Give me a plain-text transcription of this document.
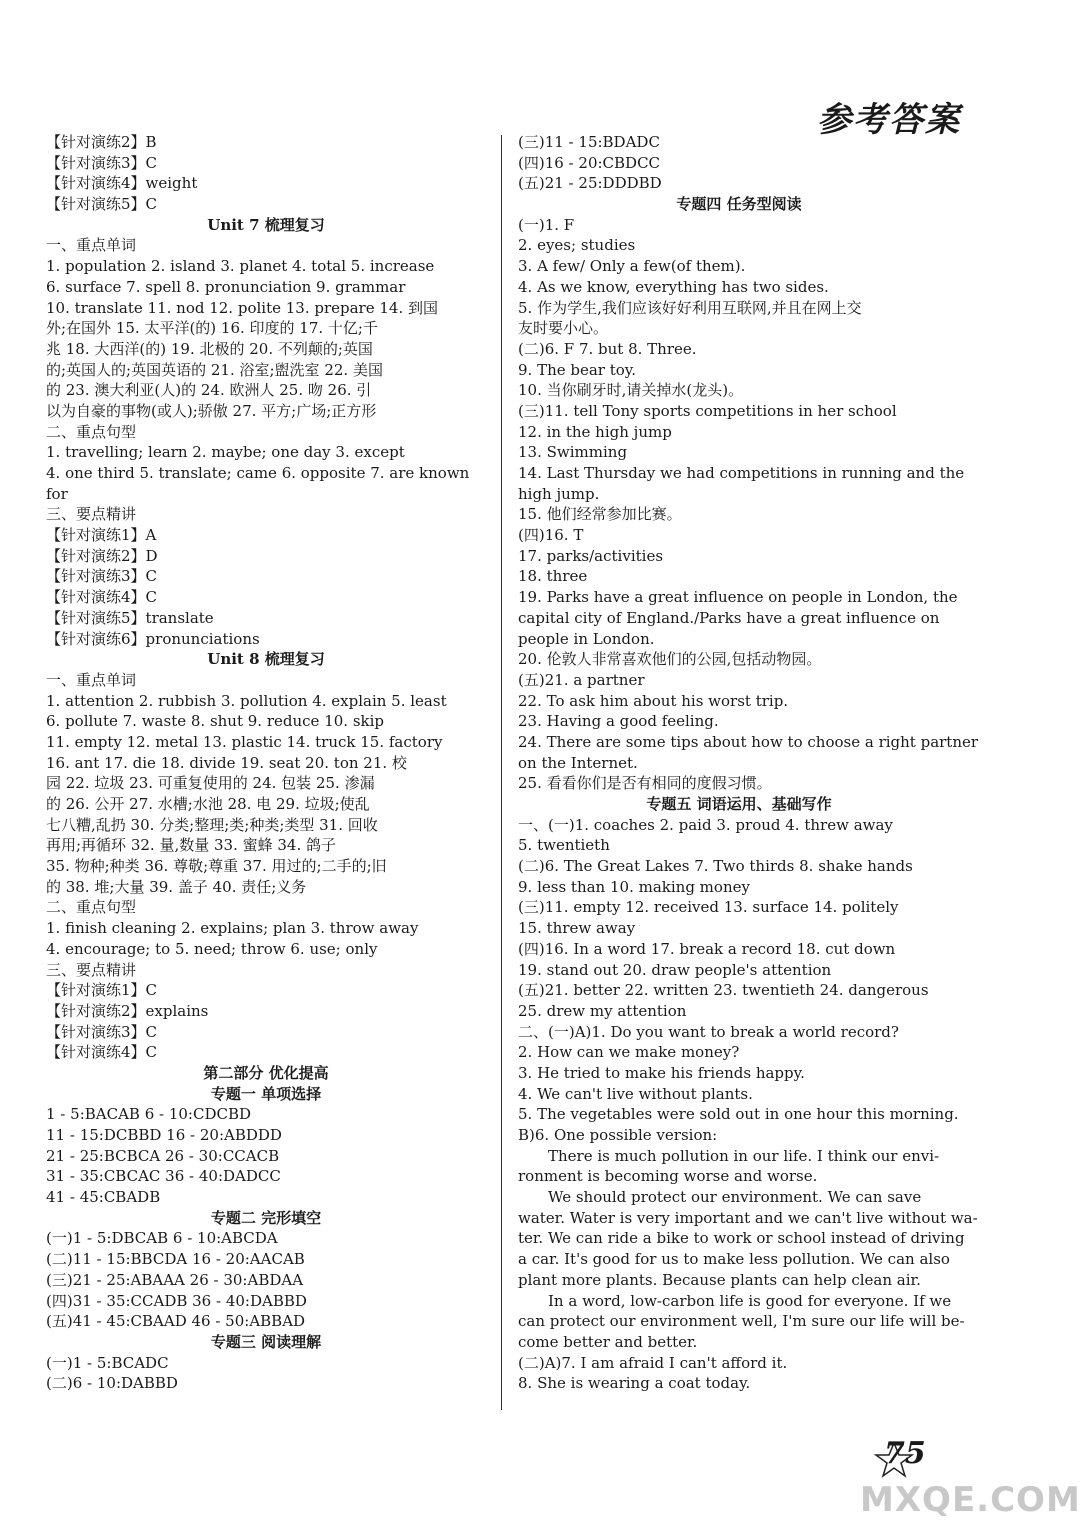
参考答案
【针对演练2】B
【针对演练3】C
【针对演练4】weight
【针对演练5】C
Unit 7 梳理复习
一、重点单词
1. population 2. island 3. planet 4. total 5. increase
6. surface 7. spell 8. pronunciation 9. grammar
10. translate 11. nod 12. polite 13. prepare 14. 到国
外;在国外 15. 太平洋(的) 16. 印度的 17. 十亿;千
兆 18. 大西洋(的) 19. 北极的 20. 不列颠的;英国
的;英国人的;英国英语的 21. 浴室;盥洗室 22. 美国
的 23. 澳大利亚(人)的 24. 欧洲人 25. 吻 26. 引
以为自豪的事物(或人);骄傲 27. 平方;广场;正方形
二、重点句型
1. travelling; learn 2. maybe; one day 3. except
4. one third 5. translate; came 6. opposite 7. are known
for
三、要点精讲
【针对演练1】A
【针对演练2】D
【针对演练3】C
【针对演练4】C
【针对演练5】translate
【针对演练6】pronunciations
Unit 8 梳理复习
一、重点单词
1. attention 2. rubbish 3. pollution 4. explain 5. least
6. pollute 7. waste 8. shut 9. reduce 10. skip
11. empty 12. metal 13. plastic 14. truck 15. factory
16. ant 17. die 18. divide 19. seat 20. ton 21. 校
园 22. 垃圾 23. 可重复使用的 24. 包装 25. 渗漏
的 26. 公开 27. 水槽;水池 28. 电 29. 垃圾;使乱
七八糟,乱扔 30. 分类;整理;类;种类;类型 31. 回收
再用;再循环 32. 量,数量 33. 蜜蜂 34. 鸽子
35. 物种;种类 36. 尊敬;尊重 37. 用过的;二手的;旧
的 38. 堆;大量 39. 盖子 40. 责任;义务
二、重点句型
1. finish cleaning 2. explains; plan 3. throw away
4. encourage; to 5. need; throw 6. use; only
三、要点精讲
【针对演练1】C
【针对演练2】explains
【针对演练3】C
【针对演练4】C
第二部分 优化提高
专题一 单项选择
1 - 5:BACAB 6 - 10:CDCBD
11 - 15:DCBBD 16 - 20:ABDDD
21 - 25:BCBCA 26 - 30:CCACB
31 - 35:CBCAC 36 - 40:DADCC
41 - 45:CBADB
专题二 完形填空
(一)1 - 5:DBCAB 6 - 10:ABCDA
(二)11 - 15:BBCDA 16 - 20:AACAB
(三)21 - 25:ABAAA 26 - 30:ABDAA
(四)31 - 35:CCADB 36 - 40:DABBD
(五)41 - 45:CBAAD 46 - 50:ABBAD
专题三 阅读理解
(一)1 - 5:BCADC
(二)6 - 10:DABBD
(三)11 - 15:BDADC
(四)16 - 20:CBDCC
(五)21 - 25:DDDBD
专题四 任务型阅读
(一)1. F
2. eyes; studies
3. A few/ Only a few(of them).
4. As we know, everything has two sides.
5. 作为学生,我们应该好好利用互联网,并且在网上交
友时要小心。
(二)6. F 7. but 8. Three.
9. The bear toy.
10. 当你刷牙时,请关掉水(龙头)。
(三)11. tell Tony sports competitions in her school
12. in the high jump
13. Swimming
14. Last Thursday we had competitions in running and the
high jump.
15. 他们经常参加比赛。
(四)16. T
17. parks/activities
18. three
19. Parks have a great influence on people in London, the
capital city of England./Parks have a great influence on
people in London.
20. 伦敦人非常喜欢他们的公园,包括动物园。
(五)21. a partner
22. To ask him about his worst trip.
23. Having a good feeling.
24. There are some tips about how to choose a right partner
on the Internet.
25. 看看你们是否有相同的度假习惯。
专题五 词语运用、基础写作
一、(一)1. coaches 2. paid 3. proud 4. threw away
5. twentieth
(二)6. The Great Lakes 7. Two thirds 8. shake hands
9. less than 10. making money
(三)11. empty 12. received 13. surface 14. politely
15. threw away
(四)16. In a word 17. break a record 18. cut down
19. stand out 20. draw people's attention
(五)21. better 22. written 23. twentieth 24. dangerous
25. drew my attention
二、(一)A)1. Do you want to break a world record?
2. How can we make money?
3. He tried to make his friends happy.
4. We can't live without plants.
5. The vegetables were sold out in one hour this morning.
B)6. One possible version:
There is much pollution in our life. I think our envi-
ronment is becoming worse and worse.
We should protect our environment. We can save
water. Water is very important and we can't live without wa-
ter. We can ride a bike to work or school instead of driving
a car. It's good for us to make less pollution. We can also
plant more plants. Because plants can help clean air.
In a word, low-carbon life is good for everyone. If we
can protect our environment well, I'm sure our life will be-
come better and better.
(二)A)7. I am afraid I can't afford it.
8. She is wearing a coat today.
75
MXQE.COM
